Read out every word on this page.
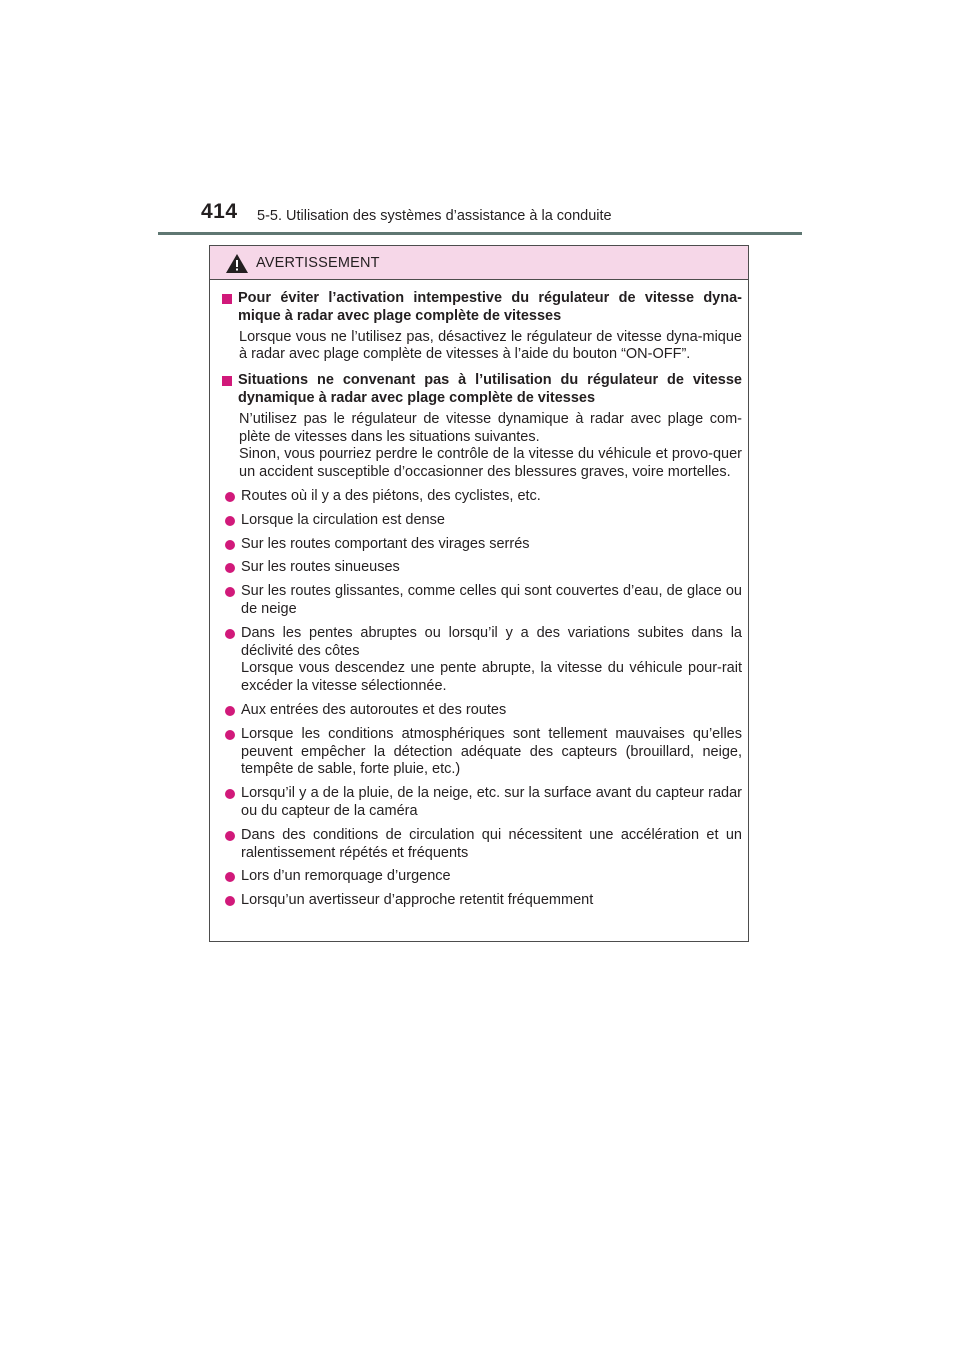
414 5-5. Utilisation des systèmes d’assistance à la conduite
AVERTISSEMENT
Pour éviter l’activation intempestive du régulateur de vitesse dyna-mique à radar avec plage complète de vitesses

Lorsque vous ne l’utilisez pas, désactivez le régulateur de vitesse dyna-mique à radar avec plage complète de vitesses à l’aide du bouton “ON-OFF”.

Situations ne convenant pas à l’utilisation du régulateur de vitesse dynamique à radar avec plage complète de vitesses

N’utilisez pas le régulateur de vitesse dynamique à radar avec plage com-plète de vitesses dans les situations suivantes.

Sinon, vous pourriez perdre le contrôle de la vitesse du véhicule et provo-quer un accident susceptible d’occasionner des blessures graves, voire mortelles.

Routes où il y a des piétons, des cyclistes, etc.

Lorsque la circulation est dense

Sur les routes comportant des virages serrés

Sur les routes sinueuses

Sur les routes glissantes, comme celles qui sont couvertes d’eau, de glace ou de neige

Dans les pentes abruptes ou lorsqu’il y a des variations subites dans la déclivité des côtes

Lorsque vous descendez une pente abrupte, la vitesse du véhicule pour-rait excéder la vitesse sélectionnée.

Aux entrées des autoroutes et des routes

Lorsque les conditions atmosphériques sont tellement mauvaises qu’elles peuvent empêcher la détection adéquate des capteurs (brouillard, neige, tempête de sable, forte pluie, etc.)

Lorsqu’il y a de la pluie, de la neige, etc. sur la surface avant du capteur radar ou du capteur de la caméra

Dans des conditions de circulation qui nécessitent une accélération et un ralentissement répétés et fréquents

Lors d’un remorquage d’urgence

Lorsqu’un avertisseur d’approche retentit fréquemment
